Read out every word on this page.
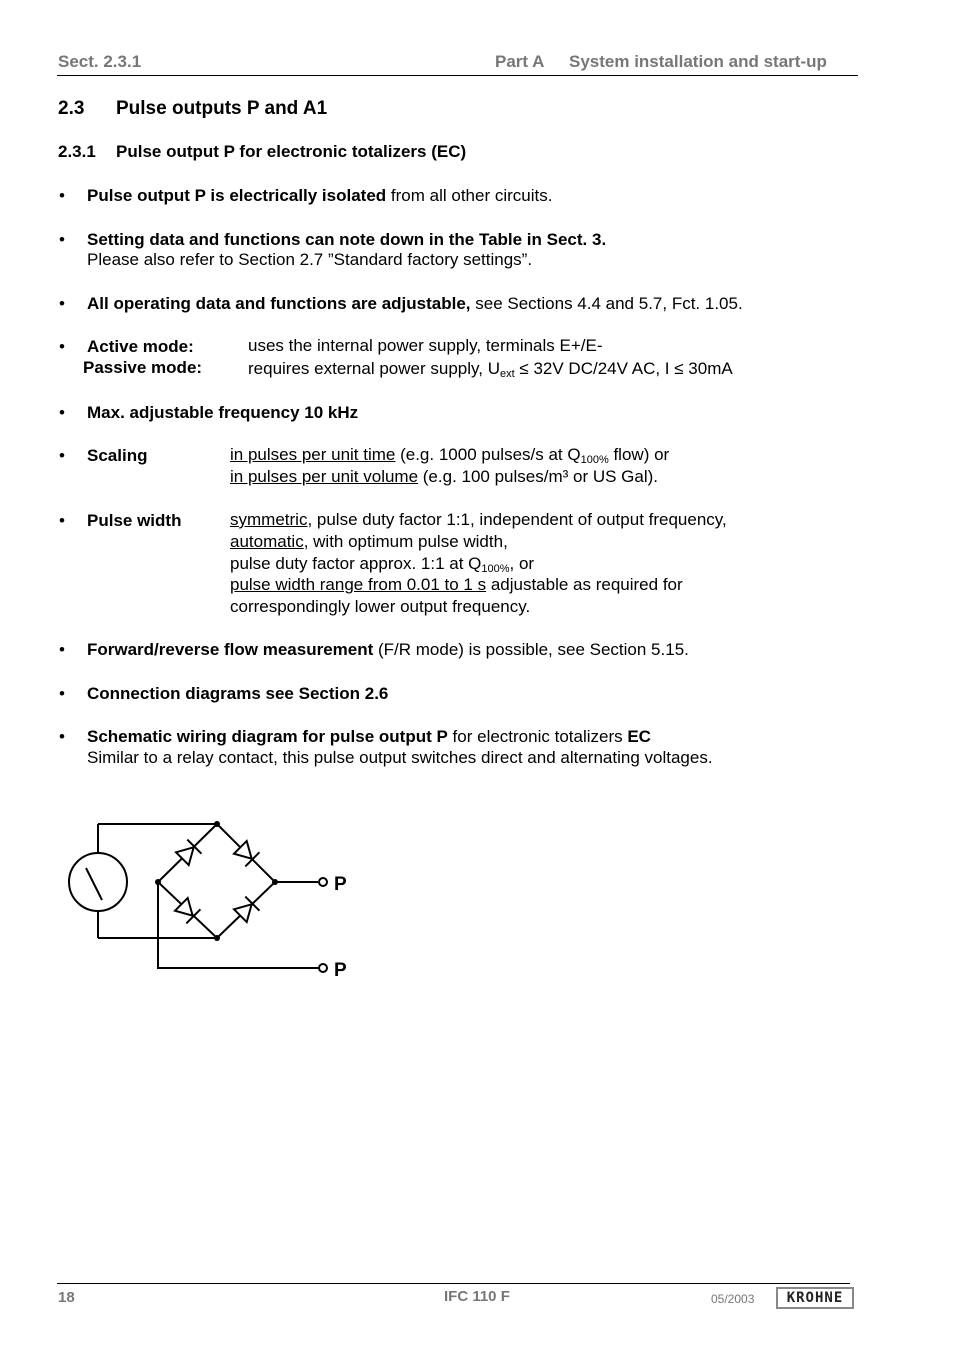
Sect. 2.3.1	Part A System installation and start-up
2.3 Pulse outputs P and A1
2.3.1 Pulse output P for electronic totalizers (EC)
• Pulse output P is electrically isolated from all other circuits.
• Setting data and functions can note down in the Table in Sect. 3.
Please also refer to Section 2.7 ”Standard factory settings”.
• All operating data and functions are adjustable, see Sections 4.4 and 5.7, Fct. 1.05.
• Active mode:	uses the internal power supply, terminals E+/E-
Passive mode:	requires external power supply, $U_{ext} \le 32V$ DC/24V AC, I ≤ 30mA
• Max. adjustable frequency 10 kHz
• Scaling	in pulses per unit time (e.g. 1000 pulses/s at $Q_{100\%}$ flow) or
in pulses per unit volume (e.g. 100 pulses/m³ or US Gal).
• Pulse width	symmetric, pulse duty factor 1:1, independent of output frequency,
automatic, with optimum pulse width,
pulse duty factor approx. 1:1 at $Q_{100\%}$, or
pulse width range from 0.01 to 1 s adjustable as required for
correspondingly lower output frequency.
• Forward/reverse flow measurement (F/R mode) is possible, see Section 5.15.
• Connection diagrams see Section 2.6
• Schematic wiring diagram for pulse output P for electronic totalizers EC
Similar to a relay contact, this pulse output switches direct and alternating voltages.
P
P
18	IFC 110 F	05/2003	KROHNE
